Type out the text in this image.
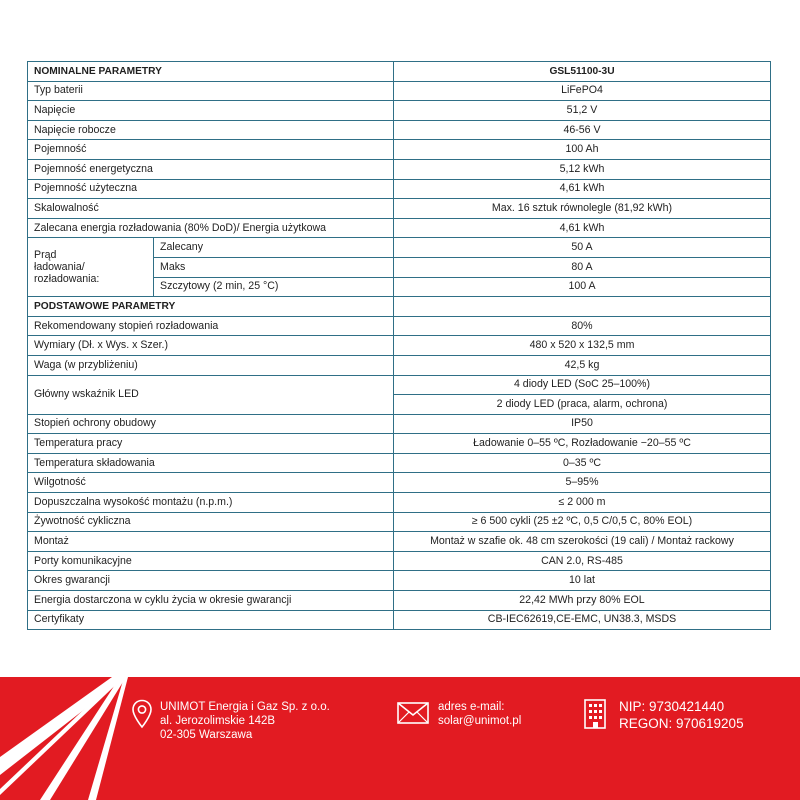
NOMINALNE PARAMETRY		GSL51100-3U
Typ baterii		LiFePO4
Napięcie		51,2 V
Napięcie robocze		46-56 V
Pojemność		100 Ah
Pojemność energetyczna		5,12 kWh
Pojemność użyteczna		4,61 kWh
Skalowalność		Max. 16 sztuk równolegle (81,92 kWh)
Zalecana energia rozładowania (80% DoD)/ Energia użytkowa		4,61 kWh

Prąd
ładowania/
rozładowania:	Zalecany	50 A
	Maks	80 A
	Szczytowy (2 min, 25 °C)	100 A
PODSTAWOWE PARAMETRY		
Rekomendowany stopień rozładowania		80%
Wymiary (Dł. x Wys. x Szer.)		480 x 520 x 132,5 mm
Waga (w przybliżeniu)		42,5 kg
Główny wskaźnik LED		4 diody LED (SoC 25–100%)
		2 diody LED (praca, alarm, ochrona)
Stopień ochrony obudowy		IP50
Temperatura pracy		Ładowanie 0–55 ºC, Rozładowanie −20–55 ºC
Temperatura składowania		0–35 ºC
Wilgotność		5–95%
Dopuszczalna wysokość montażu (n.p.m.)		≤ 2 000 m
Żywotność cykliczna		≥ 6 500 cykli (25 ±2 ºC, 0,5 C/0,5 C, 80% EOL)
Montaż		Montaż w szafie ok. 48 cm szerokości (19 cali) / Montaż rackowy
Porty komunikacyjne		CAN 2.0, RS-485
Okres gwarancji		10 lat
Energia dostarczona w cyklu życia w okresie gwarancji		22,42 MWh przy 80% EOL
Certyfikaty		CB-IEC62619,CE-EMC, UN38.3, MSDS
UNIMOT Energia i Gaz Sp. z o.o.
al. Jerozolimskie 142B
02-305 Warszawa
adres e-mail:
solar@unimot.pl
NIP: 9730421440
REGON: 970619205
